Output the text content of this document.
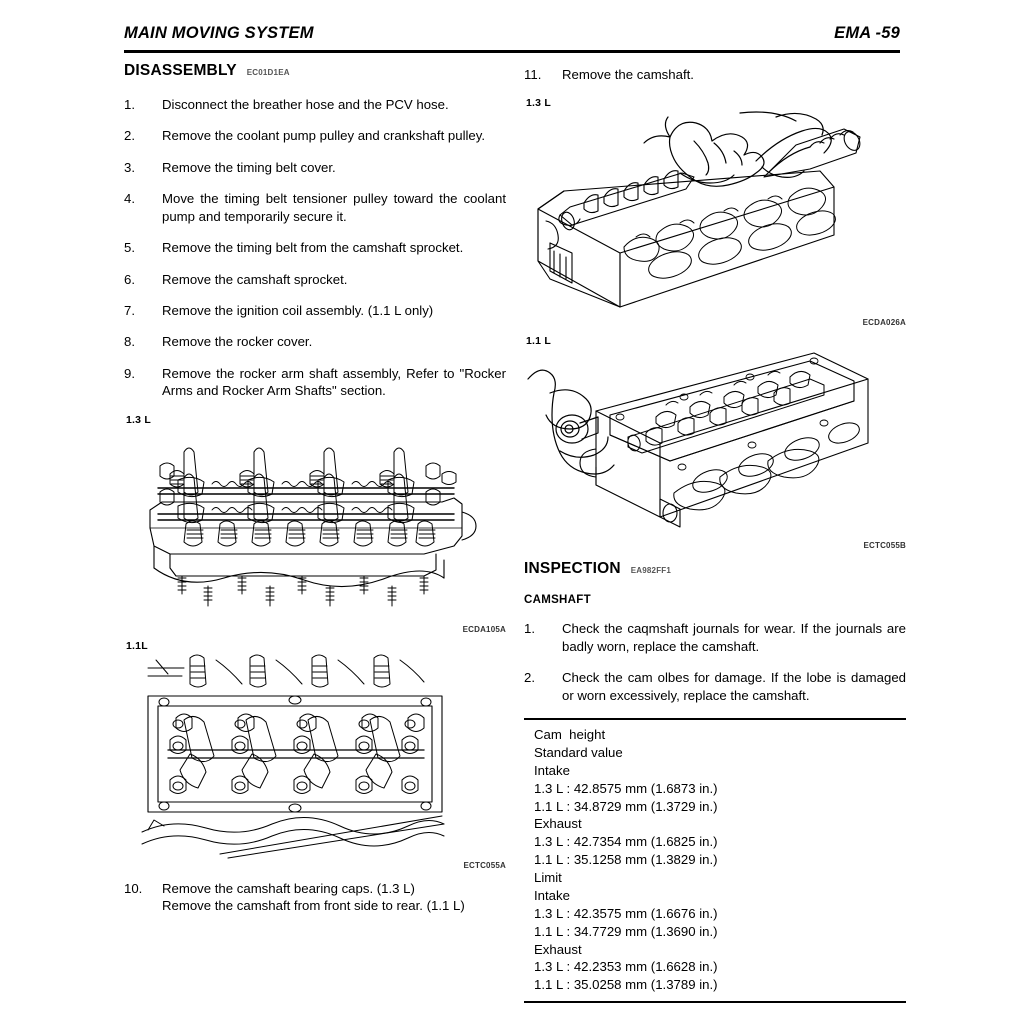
MAIN MOVING SYSTEM	EMA -59
DISASSEMBLY EC01D1EA
1.	Disconnect the breather hose and the PCV hose.
2.	Remove the coolant pump pulley and crankshaft pulley.
3.	Remove the timing belt cover.
4.	Move the timing belt tensioner pulley toward the coolant pump and temporarily secure it.
5.	Remove the timing belt from the camshaft sprocket.
6.	Remove the camshaft sprocket.
7.	Remove the ignition coil assembly. (1.1 L only)
8.	Remove the rocker cover.
9.	Remove the rocker arm shaft assembly, Refer to "Rocker Arms and Rocker Arm Shafts" section.
1.3 L
ECDA105A
1.1L
ECTC055A
10.	Remove the camshaft bearing caps. (1.3 L)
Remove the camshaft from front side to rear. (1.1 L)
11.	Remove the camshaft.
1.3 L
ECDA026A
1.1 L
ECTC055B
INSPECTION EA982FF1
CAMSHAFT
1.	Check the caqmshaft journals for wear. If the journals are badly worn, replace the camshaft.
2.	Check the cam olbes for damage. If the lobe is damaged or worn excessively, replace the camshaft.
Cam  height
Standard value
Intake
1.3 L : 42.8575 mm (1.6873 in.)
1.1 L : 34.8729 mm (1.3729 in.)
Exhaust
1.3 L : 42.7354 mm (1.6825 in.)
1.1 L : 35.1258 mm (1.3829 in.)
Limit
Intake
1.3 L : 42.3575 mm (1.6676 in.)
1.1 L : 34.7729 mm (1.3690 in.)
Exhaust
1.3 L : 42.2353 mm (1.6628 in.)
1.1 L : 35.0258 mm (1.3789 in.)
